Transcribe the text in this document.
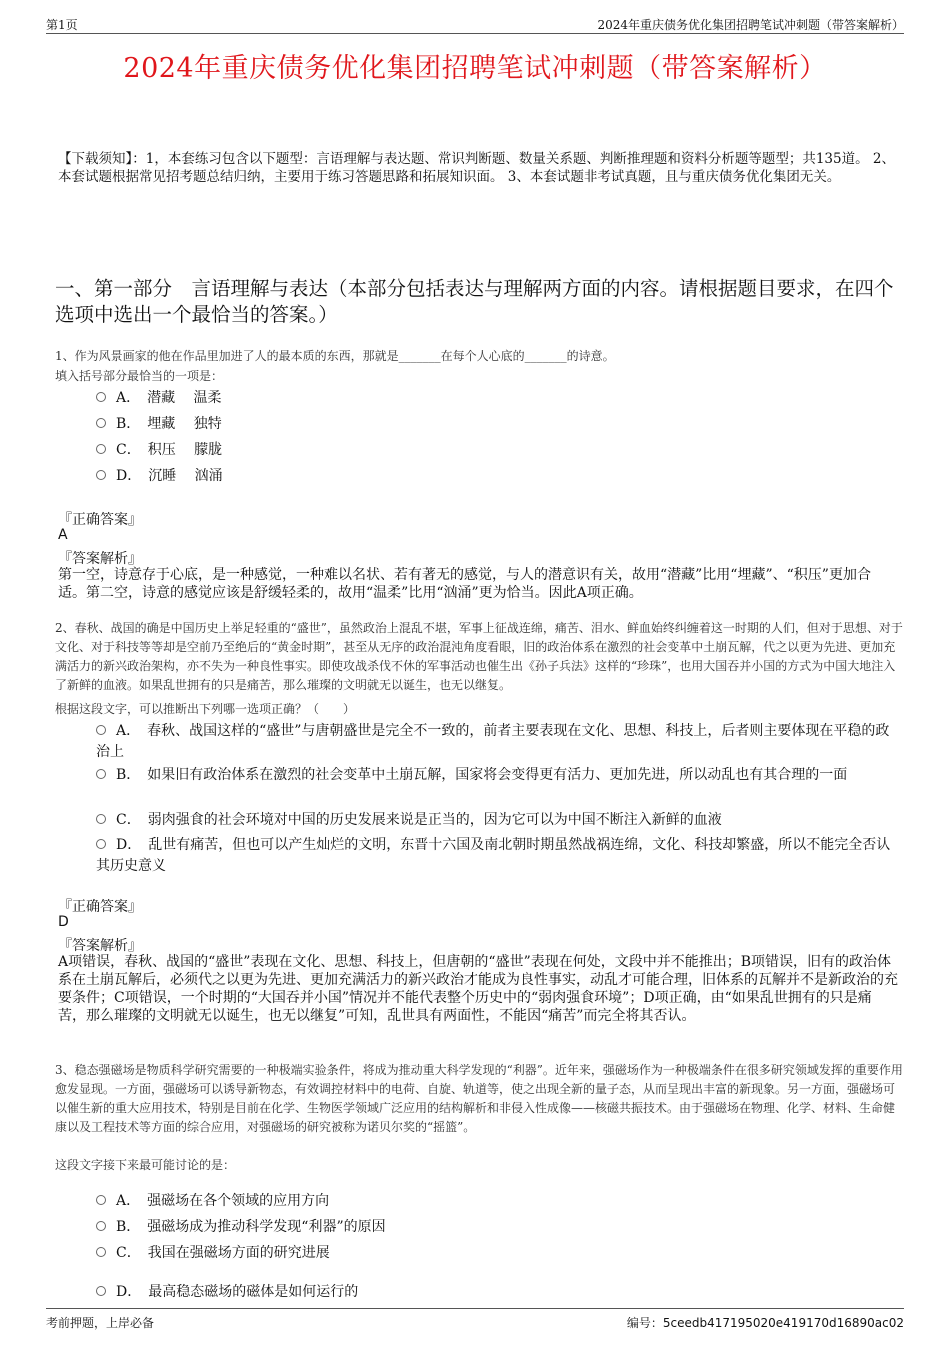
第1页	2024年重庆债务优化集团招聘笔试冲刺题（带答案解析）
2024年重庆债务优化集团招聘笔试冲刺题（带答案解析）
【下载须知】：1，本套练习包含以下题型：言语理解与表达题、常识判断题、数量关系题、判断推理题和资料分析题等题型；共135道。 2、本套试题根据常见招考题总结归纳，主要用于练习答题思路和拓展知识面。 3、本套试题非考试真题，且与重庆债务优化集团无关。
一、第一部分　言语理解与表达（本部分包括表达与理解两方面的内容。请根据题目要求，在四个选项中选出一个最恰当的答案。）
1、作为风景画家的他在作品里加进了人的最本质的东西，那就是_______在每个人心底的_______的诗意。
填入括号部分最恰当的一项是：
A．　潜藏　 温柔
B．　埋藏　 独特
C．　积压　 朦胧
D．　沉睡　 汹涌
『正确答案』
A
『答案解析』
第一空，诗意存于心底，是一种感觉，一种难以名状、若有著无的感觉，与人的潜意识有关，故用“潜藏”比用“埋藏”、“积压”更加合适。第二空，诗意的感觉应该是舒缓轻柔的，故用“温柔”比用“汹涌”更为恰当。因此A项正确。
2、春秋、战国的确是中国历史上举足轻重的“盛世”，虽然政治上混乱不堪，军事上征战连绵，痛苦、泪水、鲜血始终纠缠着这一时期的人们，但对于思想、对于文化、对于科技等等却是空前乃至绝后的“黄金时期”，甚至从无序的政治混沌角度看眼，旧的政治体系在激烈的社会变革中土崩瓦解，代之以更为先进、更加充满活力的新兴政治架构，亦不失为一种良性事实。即使攻战杀伐不休的军事活动也催生出《孙子兵法》这样的“珍珠”，也用大国吞并小国的方式为中国大地注入了新鲜的血液。如果乱世拥有的只是痛苦，那么璀璨的文明就无以诞生，也无以继复。
根据这段文字，可以推断出下列哪一选项正确？（　　）
A．　春秋、战国这样的“盛世”与唐朝盛世是完全不一致的，前者主要表现在文化、思想、科技上，后者则主要体现在平稳的政治上
B．　如果旧有政治体系在激烈的社会变革中土崩瓦解，国家将会变得更有活力、更加先进，所以动乱也有其合理的一面
C．　弱肉强食的社会环境对中国的历史发展来说是正当的，因为它可以为中国不断注入新鲜的血液
D．　乱世有痛苦，但也可以产生灿烂的文明，东晋十六国及南北朝时期虽然战祸连绵，文化、科技却繁盛，所以不能完全否认其历史意义
『正确答案』
D
『答案解析』
A项错误，春秋、战国的“盛世”表现在文化、思想、科技上，但唐朝的“盛世”表现在何处，文段中并不能推出；B项错误，旧有的政治体系在土崩瓦解后，必须代之以更为先进、更加充满活力的新兴政治才能成为良性事实，动乱才可能合理，旧体系的瓦解并不是新政治的充要条件；C项错误，一个时期的“大国吞并小国”情况并不能代表整个历史中的“弱肉强食环境”；D项正确，由“如果乱世拥有的只是痛苦，那么璀璨的文明就无以诞生，也无以继复”可知，乱世具有两面性，不能因“痛苦”而完全将其否认。
3、稳态强磁场是物质科学研究需要的一种极端实验条件，将成为推动重大科学发现的“利器”。近年来，强磁场作为一种极端条件在很多研究领域发挥的重要作用愈发显现。一方面，强磁场可以诱导新物态，有效调控材料中的电荷、自旋、轨道等，使之出现全新的量子态，从而呈现出丰富的新现象。另一方面，强磁场可以催生新的重大应用技术，特别是目前在化学、生物医学领域广泛应用的结构解析和非侵入性成像——核磁共振技术。由于强磁场在物理、化学、材料、生命健康以及工程技术等方面的综合应用，对强磁场的研究被称为诺贝尔奖的“摇篮”。
这段文字接下来最可能讨论的是：
A．　强磁场在各个领域的应用方向
B．　强磁场成为推动科学发现“利器”的原因
C．　我国在强磁场方面的研究进展
D．　最高稳态磁场的磁体是如何运行的
考前押题，上岸必备	编号：5ceedb417195020e419170d16890ac02
